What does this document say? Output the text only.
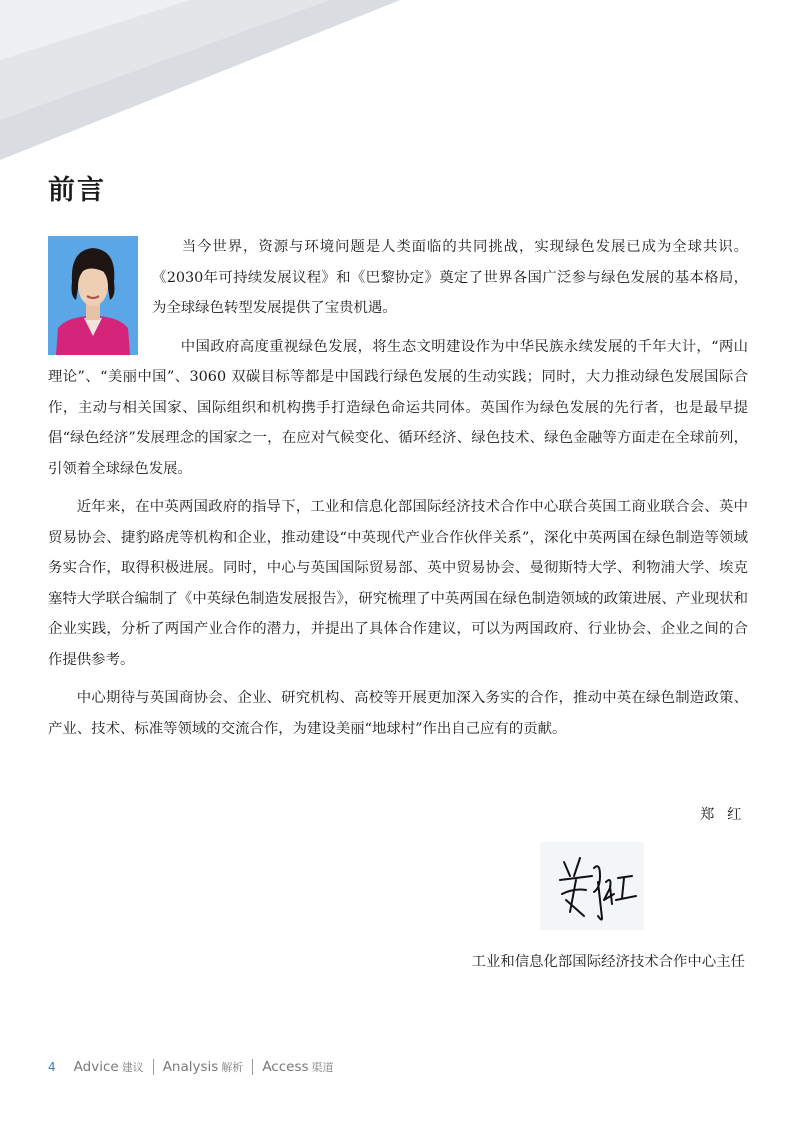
前言

当今世界，资源与环境问题是人类面临的共同挑战，实现绿色发展已成为全球共识。《2030年可持续发展议程》和《巴黎协定》奠定了世界各国广泛参与绿色发展的基本格局，为全球绿色转型发展提供了宝贵机遇。

中国政府高度重视绿色发展，将生态文明建设作为中华民族永续发展的千年大计，“两山理论”、“美丽中国”、3060 双碳目标等都是中国践行绿色发展的生动实践；同时，大力推动绿色发展国际合作，主动与相关国家、国际组织和机构携手打造绿色命运共同体。英国作为绿色发展的先行者，也是最早提倡“绿色经济”发展理念的国家之一，在应对气候变化、循环经济、绿色技术、绿色金融等方面走在全球前列，引领着全球绿色发展。

近年来，在中英两国政府的指导下，工业和信息化部国际经济技术合作中心联合英国工商业联合会、英中贸易协会、捷豹路虎等机构和企业，推动建设“中英现代产业合作伙伴关系”，深化中英两国在绿色制造等领域务实合作，取得积极进展。同时，中心与英国国际贸易部、英中贸易协会、曼彻斯特大学、利物浦大学、埃克塞特大学联合编制了《中英绿色制造发展报告》，研究梳理了中英两国在绿色制造领域的政策进展、产业现状和企业实践，分析了两国产业合作的潜力，并提出了具体合作建议，可以为两国政府、行业协会、企业之间的合作提供参考。

中心期待与英国商协会、企业、研究机构、高校等开展更加深入务实的合作，推动中英在绿色制造政策、产业、技术、标准等领域的交流合作，为建设美丽“地球村”作出自己应有的贡献。

郑 红
工业和信息化部国际经济技术合作中心主任
4 Advice 建议 Analysis 解析 Access 渠道
